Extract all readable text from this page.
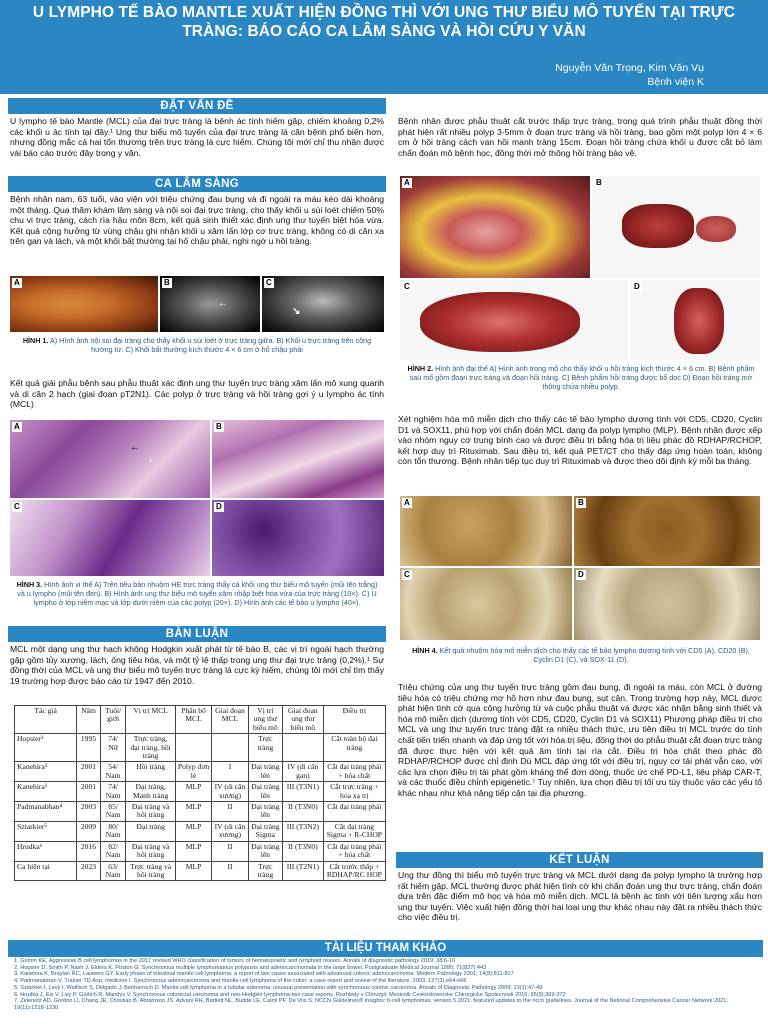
U LYMPHO TẾ BÀO MANTLE XUẤT HIỆN ĐỒNG THÌ VỚI UNG THƯ BIỂU MÔ TUYẾN TẠI TRỰC TRÀNG: BÁO CÁO CA LÂM SÀNG VÀ HỒI CỨU Y VĂN
Nguyễn Văn Trọng, Kim Văn Vụ
Bệnh viện K
ĐẶT VẤN ĐỀ
U lympho tế bào Mantle (MCL) của đại trực tràng là bệnh ác tính hiếm gặp, chiếm khoảng 0,2% các khối u ác tính tại đây.¹ Ung thư biểu mô tuyến của đại trực tràng là căn bệnh phổ biến hơn, nhưng đồng mắc cả hai tổn thương trên trực tràng là cực hiếm. Chúng tôi mới chỉ thu nhận được vài báo cáo trước đây trong y văn.
CA LÂM SÀNG
Bệnh nhân nam, 63 tuổi, vào viện với triệu chứng đau bụng và đi ngoài ra máu kéo dài khoảng một tháng. Qua thăm khám lâm sàng và nội soi đại trực tràng, cho thấy khối u sùi loét chiếm 50% chu vi trực tràng, cách rìa hậu môn 8cm, kết quả sinh thiết xác định ung thư tuyến biệt hóa vừa. Kết quả cộng hưởng từ vùng chậu ghi nhận khối u xâm lấn lớp cơ trực tràng, không có di căn xa trên gan và lách, và một khối bất thường tại hố chậu phải, nghi ngờ u hồi tràng.
A	B
←
C
↘
HÌNH 1. A) Hình ảnh nội soi đại tràng cho thấy khối u sùi loét ở trực tràng giữa. B) Khối u trực tràng trên cộng hưởng từ. C) Khối bất thường kích thước 4 × 6 cm ở hố chậu phải
Kết quả giải phẫu bệnh sau phẫu thuật xác định ung thư tuyến trực tràng xâm lấn mô xung quanh và di căn 2 hạch (giai đoạn pT2N1). Các polyp ở trực tràng và hồi tràng gợi ý u lympho ác tính (MCL)
A
←
↓
B
C	D
HÌNH 3. Hình ảnh vi thể A) Trên tiêu bản nhuộm HE trực tràng thấy cả khối ung thư biểu mô tuyến (mũi tên trắng) và u lympho (mũi tên đen). B) Hình ảnh ung thư biểu mô tuyến xâm nhập biệt hóa vừa của trực tràng (10×). C) U lympho ở lớp niêm mạc và lớp dưới niêm của các polyp (20×). D) Hình ảnh các tế bào u lympho (40×).
BÀN LUẬN
MCL một dạng ung thư hạch không Hodgkin xuất phát từ tế bào B, các vị trí ngoài hạch thường gặp gồm tủy xương, lách, ống tiêu hóa, và một tỷ lệ thấp trong ung thư đại trực tràng (0,2%).¹ Sự đồng thời của MCL và ung thư biểu mô tuyến trực tràng là cực kỳ hiếm, chúng tôi mới chỉ tìm thấy 19 trường hợp được báo cáo từ 1947 đến 2010.
Tác giả	Năm	Tuổi/ giới	Vị trí MCL	Phân bố MCL	Giai đoạn MCL	Vị trí ung thư biểu mô	Giai đoạn ung thư biểu mô	Điều trị
Hopster²	1995	74/ Nữ	Trực tràng, đại tràng, hồi tràng			Trực tràng		Cắt toàn bộ đại tràng
Kanehira³	2001	54/ Nam	Hồi tràng	Polyp đơn lẻ	I	Đại tràng lên	IV (di căn gan)	Cắt đại tràng phải + hóa chất
Kanehira³	2001	74/ Nam	Đại tràng, Manh tràng	MLP	IV (di căn xương)	Đại tràng lên	III (T3N1)	Cắt trực tràng + hóa xạ trị
Padmanabhan⁴	2003	85/ Nam	Đại tràng và hồi tràng	MLP	II	Đại tràng lên	II (T3N0)	Cắt đại tràng phải
Sztarkier⁵	2009	80/ Nam	Đại tràng	MLP	IV (di căn xương)	Đại tràng Sigma	III (T3N2)	Cắt đại tràng Sigma + R-CHOP
Hrudka⁶	2016	82/ Nam	Đại tràng và hồi tràng	MLP	II	Đại tràng lên	II (T3N0)	Cắt đại tràng phải + hóa chất
Ca hiện tại	2023	63/ Nam	Trực tràng và hồi tràng	MLP	II	Trực tràng	III (T2N1)	Cắt trước thấp + RDHAP/RC HOP
Bệnh nhân được phẫu thuật cắt trước thấp trực tràng, trong quá trình phẫu thuật đồng thời phát hiện rất nhiều polyp 3-5mm ở đoạn trực tràng và hồi tràng, bao gồm một polyp lớn 4 × 6 cm ở hồi tràng cách van hồi manh tràng 15cm. Đoạn hồi tràng chứa khối u được cắt bỏ làm chẩn đoán mô bệnh học, đồng thời mở thông hồi tràng bảo vệ.
A	B
C	D
HÌNH 2. Hình ảnh đại thể A) Hình ảnh trong mổ cho thấy khối u hồi tràng kích thước 4 × 6 cm. B) Bệnh phẩm sau mổ gồm đoạn trực tràng và đoạn hồi tràng. C) Bệnh phẩm hồi tràng được bổ dọc D) Đoạn hồi tràng mở thông chứa nhiều polyp.
Xét nghiệm hóa mô miễn dịch cho thấy các tế bào lympho dương tính với CD5, CD20, Cyclin D1 và SOX11, phù hợp với chẩn đoán MCL dạng đa polyp lympho (MLP). Bệnh nhân được xếp vào nhóm nguy cơ trung bình cao và được điều trị bằng hóa trị liệu phác đồ RDHAP/RCHOP, kết hợp duy trì Rituximab. Sau điều trị, kết quả PET/CT cho thấy đáp ứng hoàn toàn, không còn tổn thương. Bệnh nhân tiếp tục duy trì Rituximab và được theo dõi định kỳ mỗi ba tháng.
A	B
C	D
HÌNH 4. Kết quả nhuộm hóa mô miễn dịch cho thấy các tế bào lympho dương tính với CD5 (A), CD20 (B), Cyclin D1 (C), và SOX-11 (D).
Triệu chứng của ung thư tuyến trực tràng gồm đau bụng, đi ngoài ra máu, còn MCL ở đường tiêu hóa có triệu chứng mơ hồ hơn như đau bụng, sụt cân. Trong trường hợp này, MCL được phát hiện tình cờ qua cộng hưởng từ và cuộc phẫu thuật và được xác nhận bằng sinh thiết và hóa mô miễn dịch (dương tính với CD5, CD20, Cyclin D1 và SOX11) Phương pháp điều trị cho MCL và ung thư tuyến trực tràng đặt ra nhiều thách thức, ưu tiên điều trị MCL trước do tính chất tiến triển nhanh và đáp ứng tốt với hóa trị liệu, đồng thời do phẫu thuật cắt đoạn trực tràng đã được thực hiện với kết quả âm tính tại rìa cắt. Điều trị hóa chất theo phác đồ RDHAP/RCHOP được chỉ định Dù MCL đáp ứng tốt với điều trị, nguy cơ tái phát vẫn cao, với các lựa chọn điều trị tái phát gồm kháng thể đơn dòng, thuốc ức chế PD-L1, liệu pháp CAR-T, và các thuốc điều chỉnh epigenetic.⁷ Tuy nhiên, lựa chọn điều trị tối ưu tùy thuộc vào các yếu tố khác nhau như khả năng tiếp cận tại địa phương.
KẾT LUẬN
Ung thư đồng thì biểu mô tuyến trực tràng và MCL dưới dạng đa polyp lympho là trường hợp rất hiếm gặp. MCL thường được phát hiện tình cờ khi chẩn đoán ung thư trực tràng, chẩn đoán dựa trên đặc điểm mô học và hóa mô miễn dịch. MCL là bệnh ác tính với tiên lượng xấu hơn ung thư tuyến. Việc xuất hiện đồng thời hai loại ung thư khác nhau này đặt ra nhiều thách thức cho việc điều trị.
TÀI LIỆU THAM KHẢO
1. Grimm KE. Aggressive B cell lymphomas in the 2017 revised WHO classification of tumors of hematopoietic and lymphoid tissues. Annals of diagnostic pathology 2019; 38:6-10
2. Hopster D, Smith P, Nash J, Elders K, Poston G. Synchronous multiple lymphomatous polyposis and adenocarcinomata in the large bowel. Postgraduate Medical Journal 1995; 71(837):443
3. Kanehira K, Braylan RC, Lauwers GY. Early phase of intestinal mantle cell lymphoma: a report of two cases associated with advanced colonic adenocarcinoma. Modern Pathology 2001; 14(8):811-817
4. Padmanabhan V, Trainer TD.Acp, medicine I. Synchronous adenocarcinoma and mantle cell lymphoma of the colon: a case report and review of the literature. 2003; 127(2):e64-e66
5. Sztarkier I, Levy I, Walfisch S, Delgado J, Benharroch D. Mantle cell lymphoma in a tubular adenoma: unusual presentation with synchronous colonic carcinoma. Annals of Diagnostic Pathology 2009; 13(1):47-49
6. Hrudka J, Eis V, Lisý P, Gürlich R, Mandys V. Synchronous colorectal carcinoma and non-Hodgkin lymphoma-two case reports. Rozhledy v Chirurgii: Mesicnik Ceskoslovenske Chirurgicke Spolecnosti 2016; 95(9):369-372
7. Zelenetz AD, Gordon LI, Chang JE, Christian B, Abramson JS, Advani RH, Bartlett NL, Budde LE, Caimi PF, De Vos S. NCCN Guidelines® insights: b-cell lymphomas, version 5.2021: featured updates to the nccn guidelines. Journal of the National Comprehensive Cancer Network 2021; 19(11):1218-1230
